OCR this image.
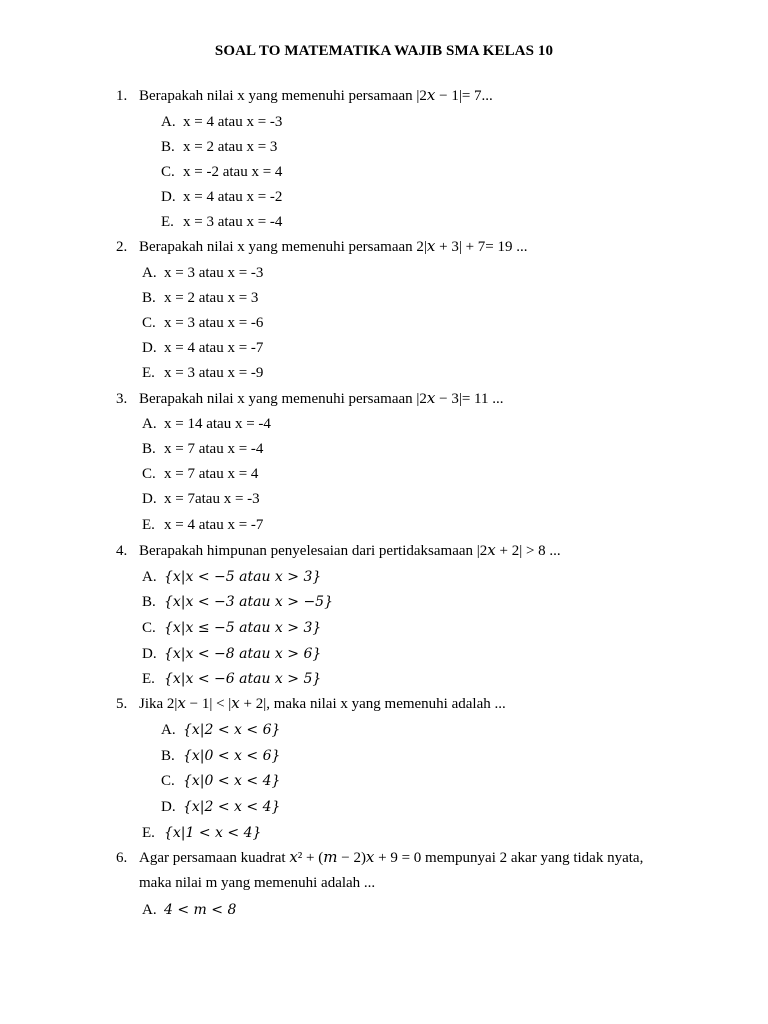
SOAL TO MATEMATIKA WAJIB SMA KELAS 10
1. Berapakah nilai x yang memenuhi persamaan |2𝑥 − 1|= 7...
A. x = 4 atau x = -3
B. x = 2 atau x = 3
C. x = -2 atau x = 4
D. x = 4 atau x = -2
E. x = 3 atau x = -4
2. Berapakah nilai x yang memenuhi persamaan 2|𝑥 + 3| + 7= 19 ...
A. x = 3 atau x = -3
B. x = 2 atau x = 3
C. x = 3 atau x = -6
D. x = 4 atau x = -7
E. x = 3 atau x = -9
3. Berapakah nilai x yang memenuhi persamaan |2𝑥 − 3|= 11 ...
A. x = 14 atau x = -4
B. x = 7 atau x = -4
C. x = 7 atau x = 4
D. x = 7atau x = -3
E. x = 4 atau x = -7
4. Berapakah himpunan penyelesaian dari pertidaksamaan |2𝑥 + 2| > 8 ...
A. {𝑥|𝑥 < −5 𝑎𝑡𝑎𝑢 𝑥 > 3}
B. {𝑥|𝑥 < −3 𝑎𝑡𝑎𝑢 𝑥 > −5}
C. {𝑥|𝑥 ≤ −5 𝑎𝑡𝑎𝑢 𝑥 > 3}
D. {𝑥|𝑥 < −8 𝑎𝑡𝑎𝑢 𝑥 > 6}
E. {𝑥|𝑥 < −6 𝑎𝑡𝑎𝑢 𝑥 > 5}
5. Jika 2|𝑥 − 1| < |𝑥 + 2|, maka nilai x yang memenuhi adalah ...
A. {𝑥|2 < 𝑥 < 6}
B. {𝑥|0 < 𝑥 < 6}
C. {𝑥|0 < 𝑥 < 4}
D. {𝑥|2 < 𝑥 < 4}
E. {𝑥|1 < 𝑥 < 4}
6. Agar persamaan kuadrat 𝑥² + (𝑚 − 2)𝑥 + 9 = 0 mempunyai 2 akar yang tidak nyata, maka nilai m yang memenuhi adalah ...
A. 4 < 𝑚 < 8
